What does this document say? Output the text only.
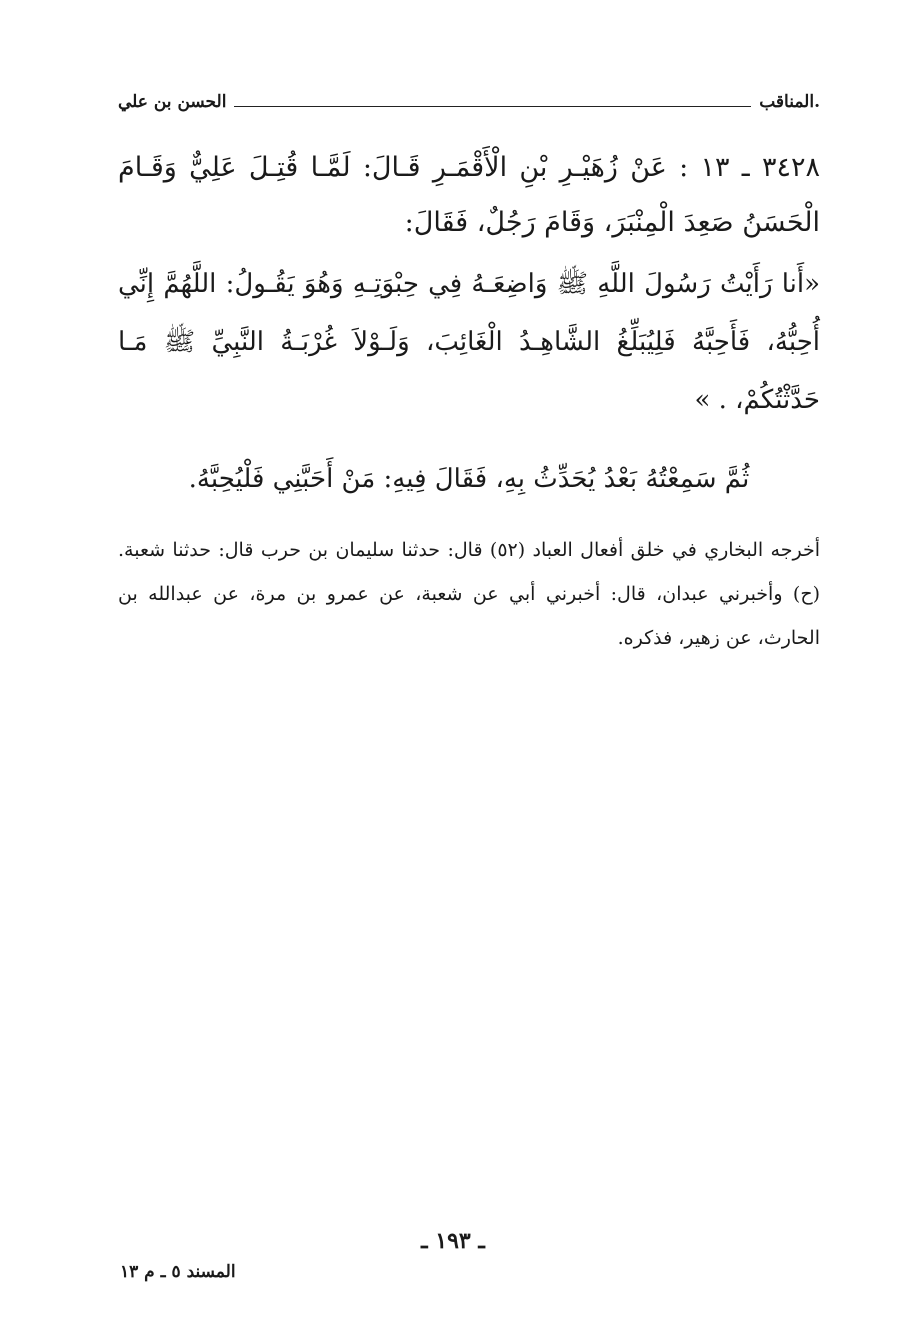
.المناقب
الحسن بن علي
٣٤٢٨ ـ ١٣ : عَنْ زُهَيْـرِ بْنِ الْأَقْمَـرِ قَـالَ: لَمَّـا قُتِـلَ عَلِيٌّ وَقَـامَ الْحَسَنُ صَعِدَ الْمِنْبَرَ، وَقَامَ رَجُلٌ، فَقَالَ:
«أَنا رَأَيْتُ رَسُولَ اللَّهِ ﷺ وَاضِعَـهُ فِي حِبْوَتِـهِ وَهُوَ يَقُـولُ: اللَّهُمَّ إِنِّي أُحِبُّهُ، فَأَحِبَّهُ فَلِيُبَلِّغُ الشَّاهِـدُ الْغَائِبَ، وَلَـوْلاَ غُرْبَـةُ النَّبِيِّ ﷺ مَـا حَدَّثْتُكُمْ، . »
ثُمَّ سَمِعْتُهُ بَعْدُ يُحَدِّثُ بِهِ، فَقَالَ فِيهِ: مَنْ أَحَبَّنِي فَلْيُحِبَّهُ.
أخرجه البخاري في خلق أفعال العباد (٥٢) قال: حدثنا سليمان بن حرب قال: حدثنا شعبة. (ح) وأخبرني عبدان، قال: أخبرني أبي عن شعبة، عن عمرو بن مرة، عن عبدالله بن الحارث، عن زهير، فذكره.
ـ ١٩٣ ـ
المسند ٥ ـ م ١٣
